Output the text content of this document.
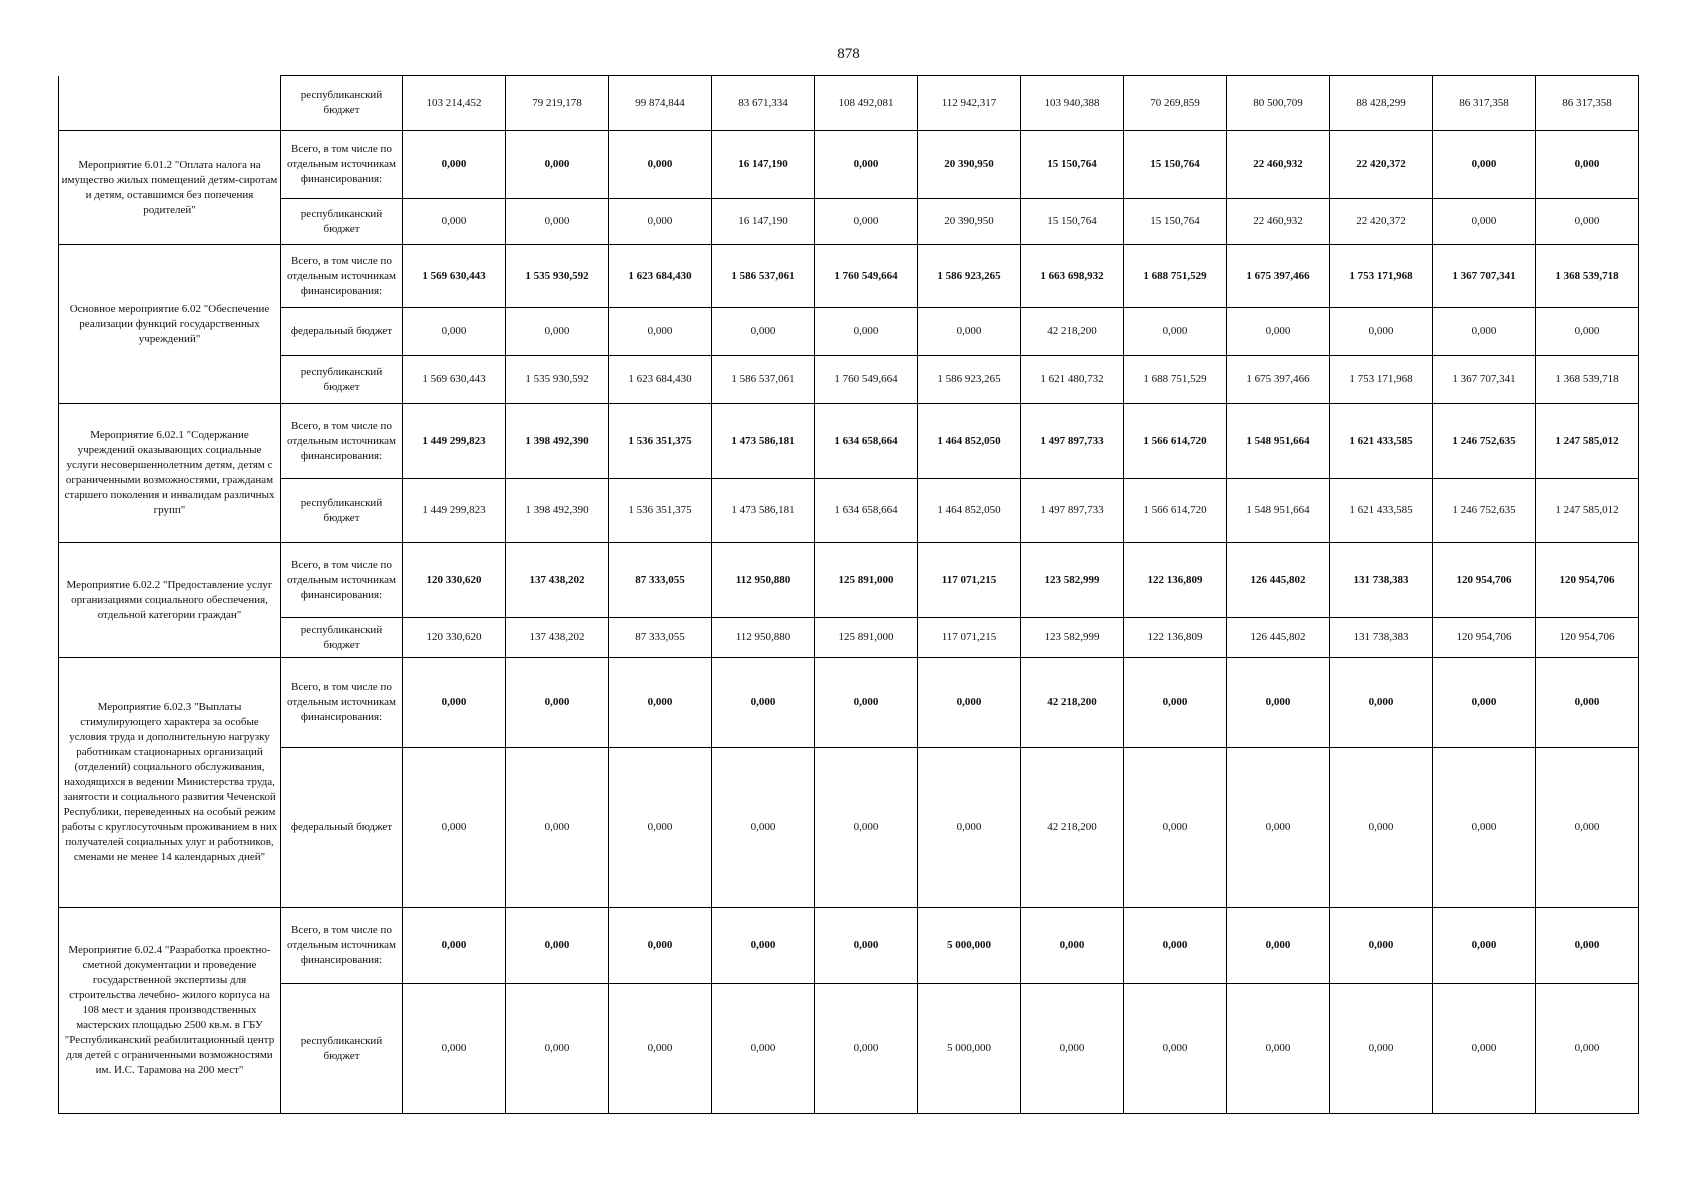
878
	республиканский бюджет	103 214,452	79 219,178	99 874,844	83 671,334	108 492,081	112 942,317	103 940,388	70 269,859	80 500,709	88 428,299	86 317,358	86 317,358
Мероприятие 6.01.2 "Оплата налога на имущество жилых помещений детям-сиротам и детям, оставшимся без попечения родителей"	Всего, в том числе по отдельным источникам финансирования:	0,000	0,000	0,000	16 147,190	0,000	20 390,950	15 150,764	15 150,764	22 460,932	22 420,372	0,000	0,000
	республиканский бюджет	0,000	0,000	0,000	16 147,190	0,000	20 390,950	15 150,764	15 150,764	22 460,932	22 420,372	0,000	0,000
Основное мероприятие 6.02 "Обеспечение реализации функций государственных учреждений"	Всего, в том числе по отдельным источникам финансирования:	1 569 630,443	1 535 930,592	1 623 684,430	1 586 537,061	1 760 549,664	1 586 923,265	1 663 698,932	1 688 751,529	1 675 397,466	1 753 171,968	1 367 707,341	1 368 539,718
	федеральный бюджет	0,000	0,000	0,000	0,000	0,000	0,000	42 218,200	0,000	0,000	0,000	0,000	0,000
	республиканский бюджет	1 569 630,443	1 535 930,592	1 623 684,430	1 586 537,061	1 760 549,664	1 586 923,265	1 621 480,732	1 688 751,529	1 675 397,466	1 753 171,968	1 367 707,341	1 368 539,718
Мероприятие 6.02.1 "Содержание учреждений оказывающих социальные услуги несовершеннолетним детям, детям с ограниченными возможностями, гражданам старшего поколения и инвалидам различных групп"	Всего, в том числе по отдельным источникам финансирования:	1 449 299,823	1 398 492,390	1 536 351,375	1 473 586,181	1 634 658,664	1 464 852,050	1 497 897,733	1 566 614,720	1 548 951,664	1 621 433,585	1 246 752,635	1 247 585,012
	республиканский бюджет	1 449 299,823	1 398 492,390	1 536 351,375	1 473 586,181	1 634 658,664	1 464 852,050	1 497 897,733	1 566 614,720	1 548 951,664	1 621 433,585	1 246 752,635	1 247 585,012
Мероприятие 6.02.2 "Предоставление услуг организациями социального обеспечения, отдельной категории граждан"	Всего, в том числе по отдельным источникам финансирования:	120 330,620	137 438,202	87 333,055	112 950,880	125 891,000	117 071,215	123 582,999	122 136,809	126 445,802	131 738,383	120 954,706	120 954,706
	республиканский бюджет	120 330,620	137 438,202	87 333,055	112 950,880	125 891,000	117 071,215	123 582,999	122 136,809	126 445,802	131 738,383	120 954,706	120 954,706
Мероприятие 6.02.3 "Выплаты стимулирующего характера за особые условия труда и дополнительную нагрузку работникам стационарных организаций (отделений) социального обслуживания, находящихся в ведении Министерства труда, занятости и социального развития Чеченской Республики, переведенных на особый режим работы с круглосуточным проживанием в них получателей социальных улуг и работников, сменами не менее 14 календарных дней"	Всего, в том числе по отдельным источникам финансирования:	0,000	0,000	0,000	0,000	0,000	0,000	42 218,200	0,000	0,000	0,000	0,000	0,000
	федеральный бюджет	0,000	0,000	0,000	0,000	0,000	0,000	42 218,200	0,000	0,000	0,000	0,000	0,000
Мероприятие 6.02.4 "Разработка проектно-сметной документации и проведение государственной экспертизы для строительства лечебно- жилого корпуса на 108 мест и здания производственных мастерских площадью 2500 кв.м. в ГБУ "Республиканский реабилитационный центр для детей с ограниченными возможностями им. И.С. Тарамова на 200 мест"	Всего, в том числе по отдельным источникам финансирования:	0,000	0,000	0,000	0,000	0,000	5 000,000	0,000	0,000	0,000	0,000	0,000	0,000
	республиканский бюджет	0,000	0,000	0,000	0,000	0,000	5 000,000	0,000	0,000	0,000	0,000	0,000	0,000
